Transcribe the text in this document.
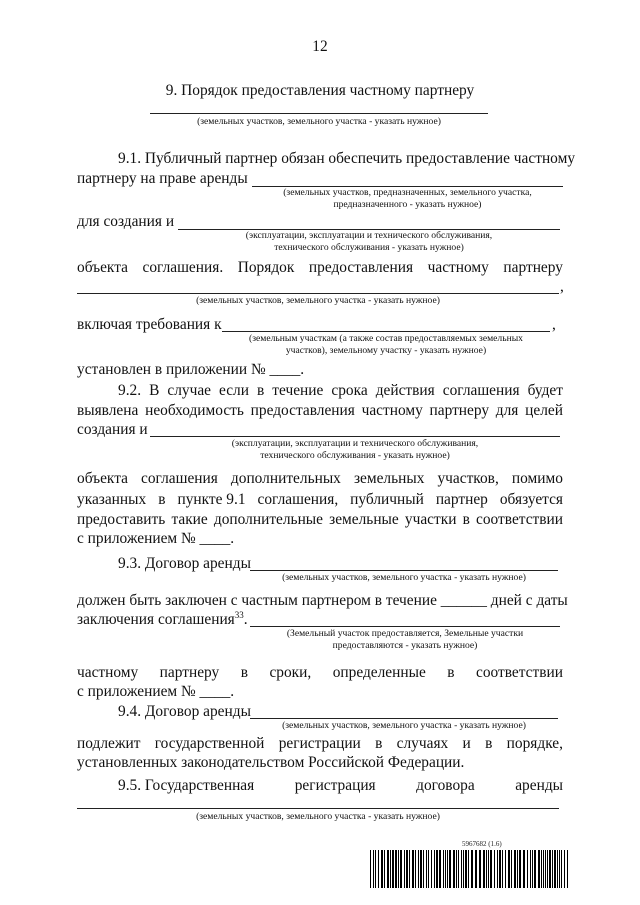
12
9. Порядок предоставления частному партнеру
(земельных участков, земельного участка - указать нужное)
9.1. Публичный партнер обязан обеспечить предоставление частному
партнеру на праве аренды
(земельных участков, предназначенных, земельного участка,
предназначенного - указать нужное)
для создания и
(эксплуатации, эксплуатации и технического обслуживания,
технического обслуживания - указать нужное)
объекта соглашения. Порядок предоставления частному партнеру
,
(земельных участков, земельного участка - указать нужное)
включая требования к	,
(земельным участкам (а также состав предоставляемых земельных
участков), земельному участку - указать нужное)
установлен в приложении № ____.
9.2. В случае если в течение срока действия соглашения будет
выявлена необходимость предоставления частному партнеру для целей
создания и
(эксплуатации, эксплуатации и технического обслуживания,
технического обслуживания - указать нужное)
объекта соглашения дополнительных земельных участков, помимо
указанных в пункте 9.1 соглашения, публичный партнер обязуется
предоставить такие дополнительные земельные участки в соответствии
с приложением № ____.
9.3. Договор аренды
(земельных участков, земельного участка - указать нужное)
должен быть заключен с частным партнером в течение ______ дней с даты
заключения соглашения$^{33}$.
(Земельный участок предоставляется, Земельные участки
предоставляются - указать нужное)
частному партнеру в сроки, определенные в соответствии
с приложением № ____.
9.4. Договор аренды
(земельных участков, земельного участка - указать нужное)
подлежит государственной регистрации в случаях и в порядке,
установленных законодательством Российской Федерации.
9.5. Государственная	регистрация	договора	аренды
(земельных участков, земельного участка - указать нужное)
5967682 (1.6)
